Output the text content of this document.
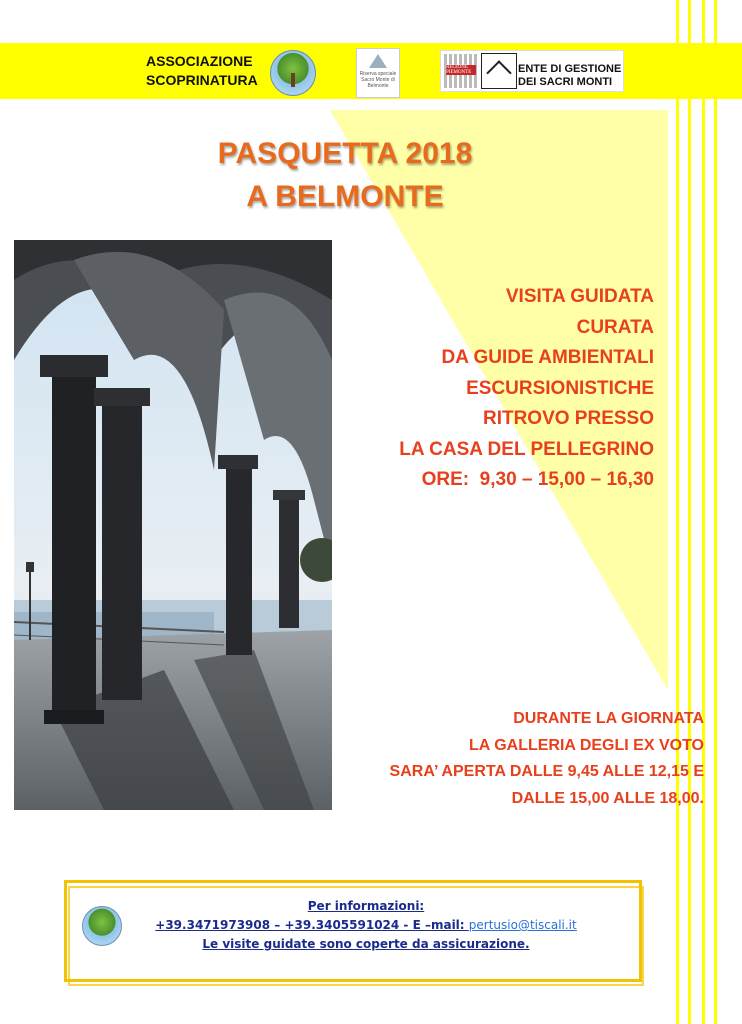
ASSOCIAZIONE
SCOPRINATURA	Riserva speciale Sacro Monte di Belmonte
REGIONE PIEMONTE	ENTE DI GESTIONE
DEI SACRI MONTI
PASQUETTA 2018
A BELMONTE
VISITA GUIDATA
CURATA
DA GUIDE AMBIENTALI
ESCURSIONISTICHE
RITROVO PRESSO
LA CASA DEL PELLEGRINO
ORE:  9,30 – 15,00 – 16,30
DURANTE LA GIORNATA
LA GALLERIA DEGLI EX VOTO
SARA’ APERTA DALLE 9,45 ALLE 12,15 E
DALLE 15,00 ALLE 18,00.
Per informazioni:
+39.3471973908 – +39.3405591024 - E –mail: pertusio@tiscali.it
Le visite guidate sono coperte da assicurazione.
